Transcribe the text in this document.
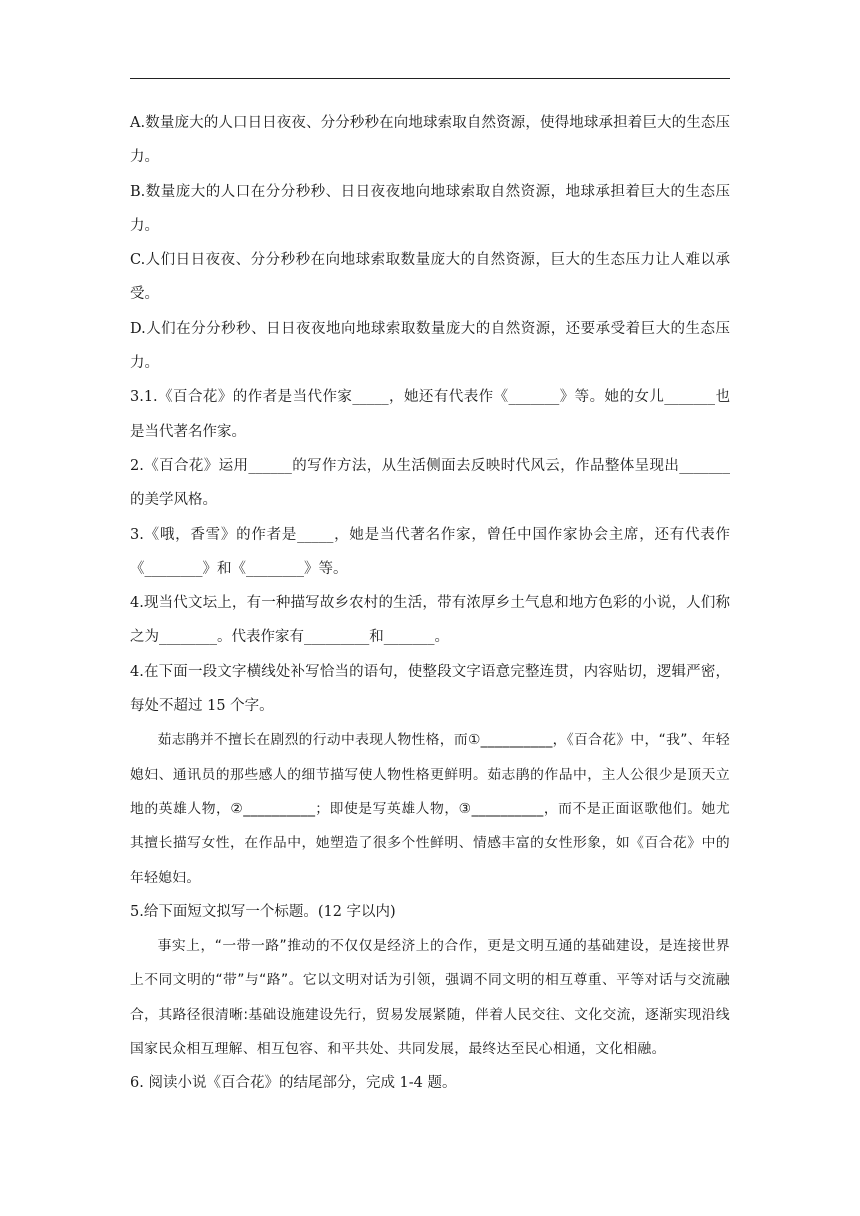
A.数量庞大的人口日日夜夜、分分秒秒在向地球索取自然资源，使得地球承担着巨大的生态压力。

B.数量庞大的人口在分分秒秒、日日夜夜地向地球索取自然资源，地球承担着巨大的生态压力。

C.人们日日夜夜、分分秒秒在向地球索取数量庞大的自然资源，巨大的生态压力让人难以承受。

D.人们在分分秒秒、日日夜夜地向地球索取数量庞大的自然资源，还要承受着巨大的生态压力。

3.1.《百合花》的作者是当代作家_____，她还有代表作《_______》等。她的女儿_______也是当代著名作家。

2.《百合花》运用______的写作方法，从生活侧面去反映时代风云，作品整体呈现出_______的美学风格。

3.《哦，香雪》的作者是_____，她是当代著名作家，曾任中国作家协会主席，还有代表作《________》和《________》等。

4.现当代文坛上，有一种描写故乡农村的生活，带有浓厚乡土气息和地方色彩的小说，人们称之为________。代表作家有_________和_______。

4.在下面一段文字横线处补写恰当的语句，使整段文字语意完整连贯，内容贴切，逻辑严密，每处不超过 15 个字。

茹志鹃并不擅长在剧烈的行动中表现人物性格，而①__________，《百合花》中，“我”、年轻媳妇、通讯员的那些感人的细节描写使人物性格更鲜明。茹志鹃的作品中，主人公很少是顶天立地的英雄人物，②__________；即使是写英雄人物，③__________，而不是正面讴歌他们。她尤其擅长描写女性，在作品中，她塑造了很多个性鲜明、情感丰富的女性形象，如《百合花》中的年轻媳妇。

5.给下面短文拟写一个标题。(12 字以内)

事实上，“一带一路”推动的不仅仅是经济上的合作，更是文明互通的基础建设，是连接世界上不同文明的“带”与“路”。它以文明对话为引领，强调不同文明的相互尊重、平等对话与交流融合，其路径很清晰:基础设施建设先行，贸易发展紧随，伴着人民交往、文化交流，逐渐实现沿线国家民众相互理解、相互包容、和平共处、共同发展，最终达至民心相通，文化相融。

6. 阅读小说《百合花》的结尾部分，完成 1-4 题。
